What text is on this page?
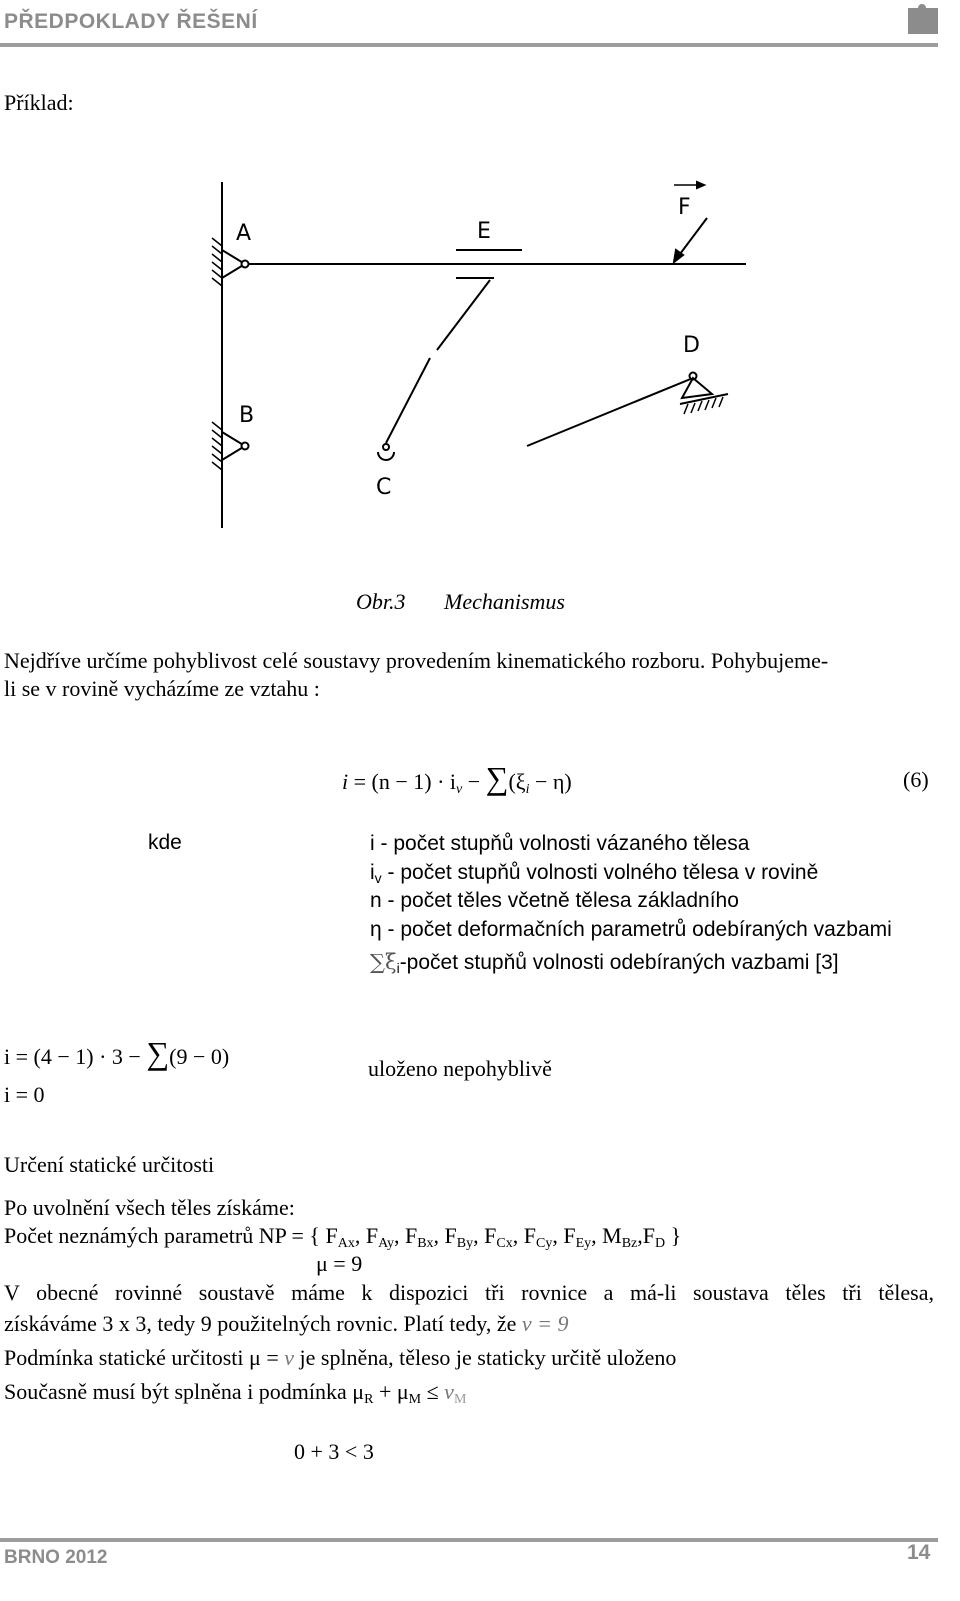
PŘEDPOKLADY ŘEŠENÍ
Příklad:
A
B
C
D
E
F
Obr.3 Mechanismus
Nejdříve určíme pohyblivost celé soustavy provedením kinematického rozboru. Pohybujeme-
li se v rovině vycházíme ze vztahu :
$i = (n - 1) \cdot i_v - \sum(\xi_i - \eta)$	(6)
kde	i - počet stupňů volnosti vázaného tělesa
$i_v$ - počet stupňů volnosti volného tělesa v rovině
n - počet těles včetně tělesa základního
η - počet deformačních parametrů odebíraných vazbami
$\sum\xi_i$-počet stupňů volnosti odebíraných vazbami [3]
i = (4 − 1) · 3 − ∑(9 − 0)
i = 0
uloženo nepohyblivě
Určení statické určitosti
Po uvolnění všech těles získáme:
Počet neznámých parametrů NP = { $F_{Ax}$, $F_{Ay}$, $F_{Bx}$, $F_{By}$, $F_{Cx}$, $F_{Cy}$, $F_{Ey}$, $M_{Bz},F_D$ }
μ = 9
V obecné rovinné soustavě máme k dispozici tři rovnice a má-li soustava těles tři tělesa,
získáváme 3 x 3, tedy 9 použitelných rovnic. Platí tedy, že ν = 9
Podmínka statické určitosti μ = ν je splněna, těleso je staticky určitě uloženo
Současně musí být splněna i podmínka $\mu_R + \mu_M \le \nu_M$
0 + 3 < 3
BRNO 2012	14
